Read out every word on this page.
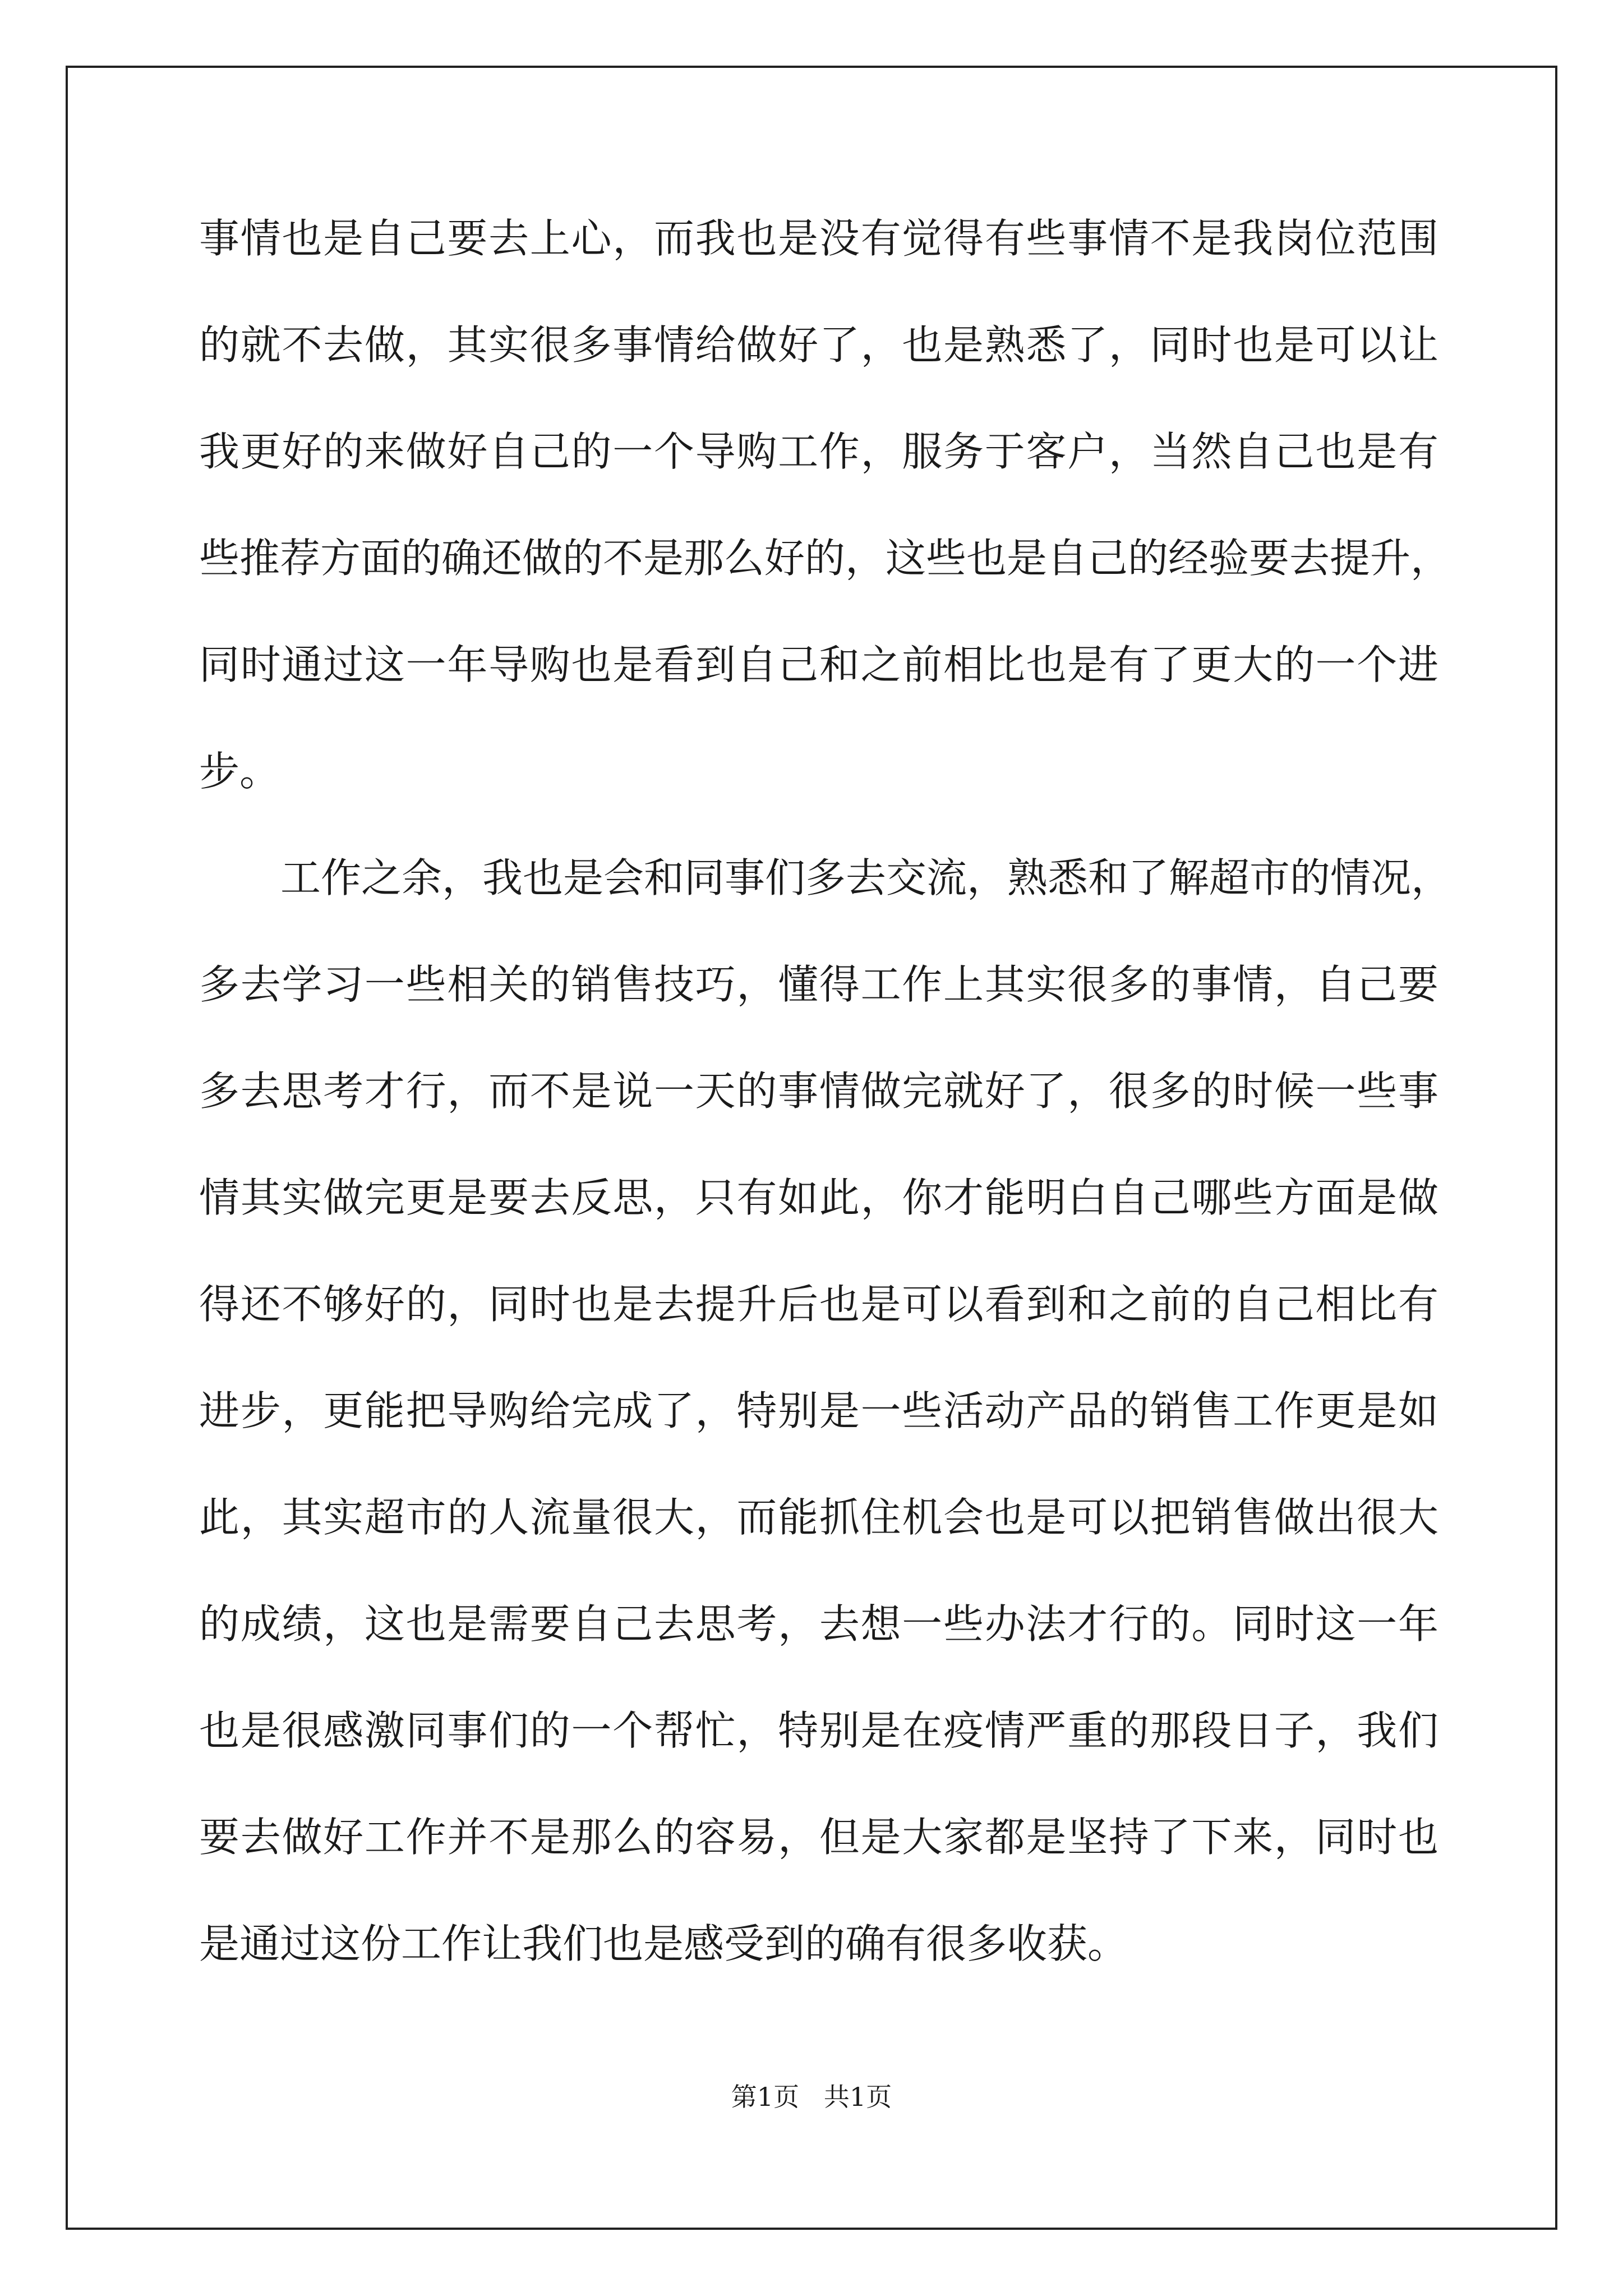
事情也是自己要去上心，而我也是没有觉得有些事情不是我岗位范围
的就不去做，其实很多事情给做好了，也是熟悉了，同时也是可以让
我更好的来做好自己的一个导购工作，服务于客户，当然自己也是有
些推荐方面的确还做的不是那么好的，这些也是自己的经验要去提升，
同时通过这一年导购也是看到自己和之前相比也是有了更大的一个进
步。
工作之余，我也是会和同事们多去交流，熟悉和了解超市的情况，
多去学习一些相关的销售技巧，懂得工作上其实很多的事情，自己要
多去思考才行，而不是说一天的事情做完就好了，很多的时候一些事
情其实做完更是要去反思，只有如此，你才能明白自己哪些方面是做
得还不够好的，同时也是去提升后也是可以看到和之前的自己相比有
进步，更能把导购给完成了，特别是一些活动产品的销售工作更是如
此，其实超市的人流量很大，而能抓住机会也是可以把销售做出很大
的成绩，这也是需要自己去思考，去想一些办法才行的。同时这一年
也是很感激同事们的一个帮忙，特别是在疫情严重的那段日子，我们
要去做好工作并不是那么的容易，但是大家都是坚持了下来，同时也
是通过这份工作让我们也是感受到的确有很多收获。
第1页   共1页
